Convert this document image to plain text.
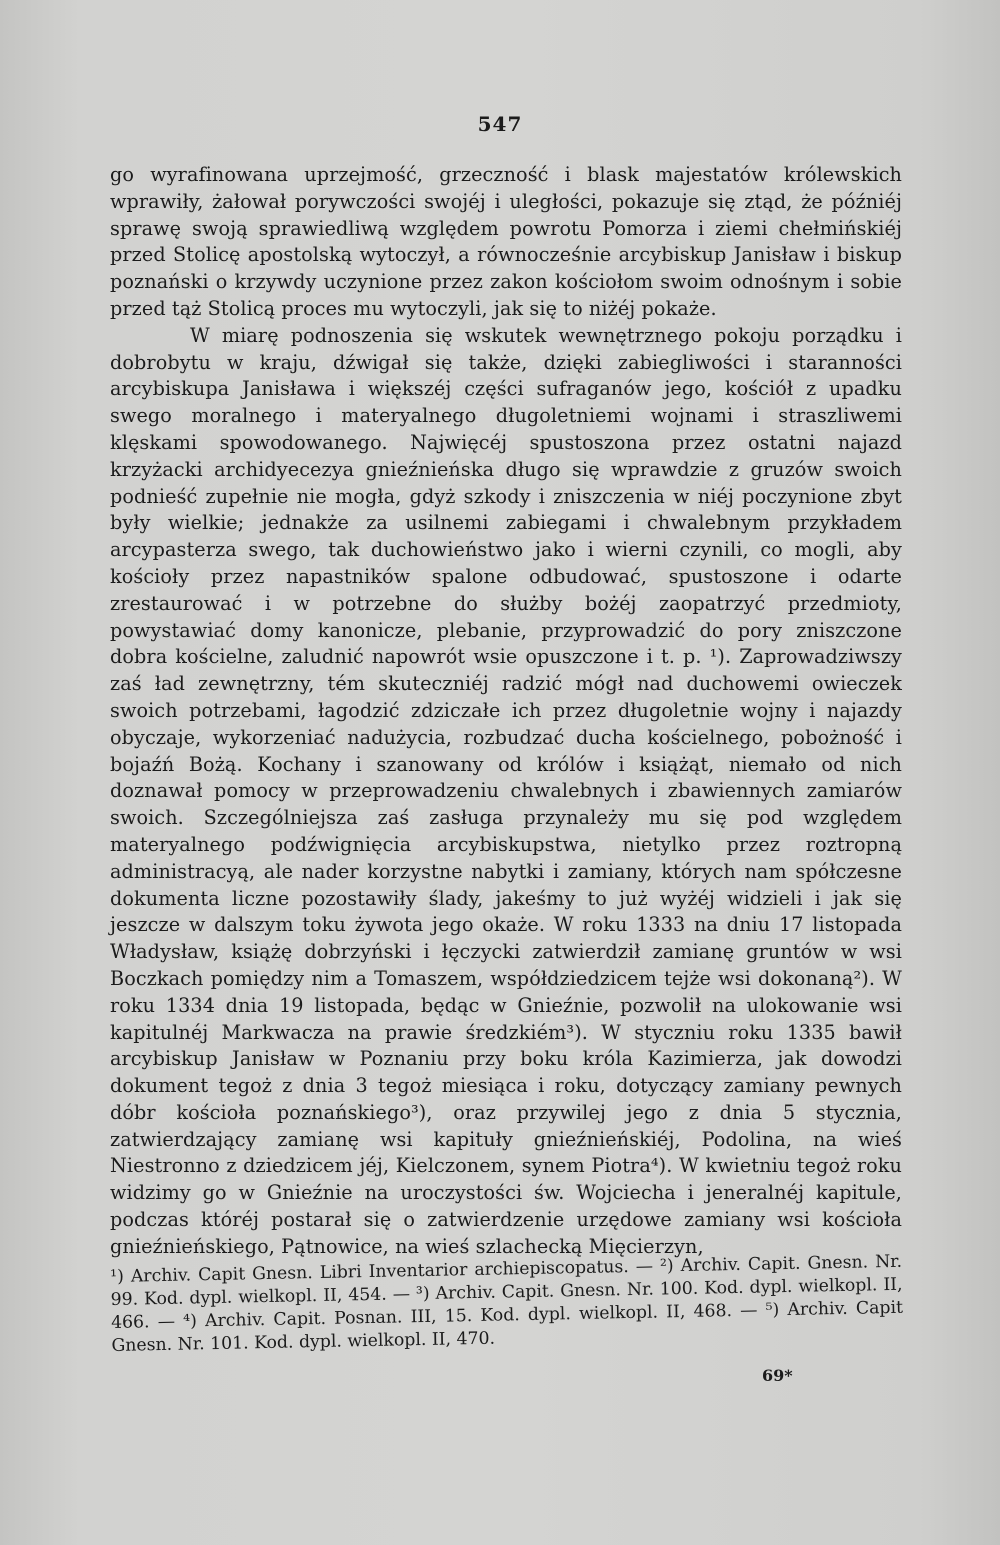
547

go wyrafinowana uprzejmość, grzeczność i blask majestatów królewskich wprawiły, żałował porywczości swojéj i uległości, pokazuje się ztąd, że późniéj sprawę swoją sprawiedliwą względem powrotu Pomorza i ziemi chełmińskiéj przed Stolicę apostolską wytoczył, a równocześnie arcybiskup Janisław i biskup poznański o krzywdy uczynione przez zakon kościołom swoim odnośnym i sobie przed tąż Stolicą proces mu wytoczyli, jak się to niżéj pokaże.

W miarę podnoszenia się wskutek wewnętrznego pokoju porządku i dobrobytu w kraju, dźwigał się także, dzięki zabiegliwości i staranności arcybiskupa Janisława i większéj części sufraganów jego, kościół z upadku swego moralnego i materyalnego długoletniemi wojnami i straszliwemi klęskami spowodowanego. Najwięcéj spustoszona przez ostatni najazd krzyżacki archidyecezya gnieźnieńska długo się wprawdzie z gruzów swoich podnieść zupełnie nie mogła, gdyż szkody i zniszczenia w niéj poczynione zbyt były wielkie; jednakże za usilnemi zabiegami i chwalebnym przykładem arcypasterza swego, tak duchowieństwo jako i wierni czynili, co mogli, aby kościoły przez napastników spalone odbudować, spustoszone i odarte zrestaurować i w potrzebne do służby bożéj zaopatrzyć przedmioty, powystawiać domy kanonicze, plebanie, przyprowadzić do pory zniszczone dobra kościelne, zaludnić napowrót wsie opuszczone i t. p. ¹). Zaprowadziwszy zaś ład zewnętrzny, tém skuteczniéj radzić mógł nad duchowemi owieczek swoich potrzebami, łagodzić zdziczałe ich przez długoletnie wojny i najazdy obyczaje, wykorzeniać nadużycia, rozbudzać ducha kościelnego, pobożność i bojaźń Bożą. Kochany i szanowany od królów i książąt, niemało od nich doznawał pomocy w przeprowadzeniu chwalebnych i zbawiennych zamiarów swoich. Szczególniejsza zaś zasługa przynależy mu się pod względem materyalnego podźwignięcia arcybiskupstwa, nietylko przez roztropną administracyą, ale nader korzystne nabytki i zamiany, których nam spółczesne dokumenta liczne pozostawiły ślady, jakeśmy to już wyżéj widzieli i jak się jeszcze w dalszym toku żywota jego okaże. W roku 1333 na dniu 17 listopada Władysław, książę dobrzyński i łęczycki zatwierdził zamianę gruntów w wsi Boczkach pomiędzy nim a Tomaszem, współdziedzicem tejże wsi dokonaną²). W roku 1334 dnia 19 listopada, będąc w Gnieźnie, pozwolił na ulokowanie wsi kapitulnéj Markwacza na prawie średzkiém³). W styczniu roku 1335 bawił arcybiskup Janisław w Poznaniu przy boku króla Kazimierza, jak dowodzi dokument tegoż z dnia 3 tegoż miesiąca i roku, dotyczący zamiany pewnych dóbr kościoła poznańskiego³), oraz przywilej jego z dnia 5 stycznia, zatwierdzający zamianę wsi kapituły gnieźnieńskiéj, Podolina, na wieś Niestronno z dziedzicem jéj, Kielczonem, synem Piotra⁴). W kwietniu tegoż roku widzimy go w Gnieźnie na uroczystości św. Wojciecha i jeneralnéj kapitule, podczas któréj postarał się o zatwierdzenie urzędowe zamiany wsi kościoła gnieźnieńskiego, Pątnowice, na wieś szlachecką Mięcierzyn,

¹) Archiv. Capit Gnesn. Libri Inventarior archiepiscopatus. — ²) Archiv. Capit. Gnesn. Nr. 99. Kod. dypl. wielkopl. II, 454. — ³) Archiv. Capit. Gnesn. Nr. 100. Kod. dypl. wielkopl. II, 466. — ⁴) Archiv. Capit. Posnan. III, 15. Kod. dypl. wielkopl. II, 468. — ⁵) Archiv. Capit Gnesn. Nr. 101. Kod. dypl. wielkopl. II, 470.

69*
